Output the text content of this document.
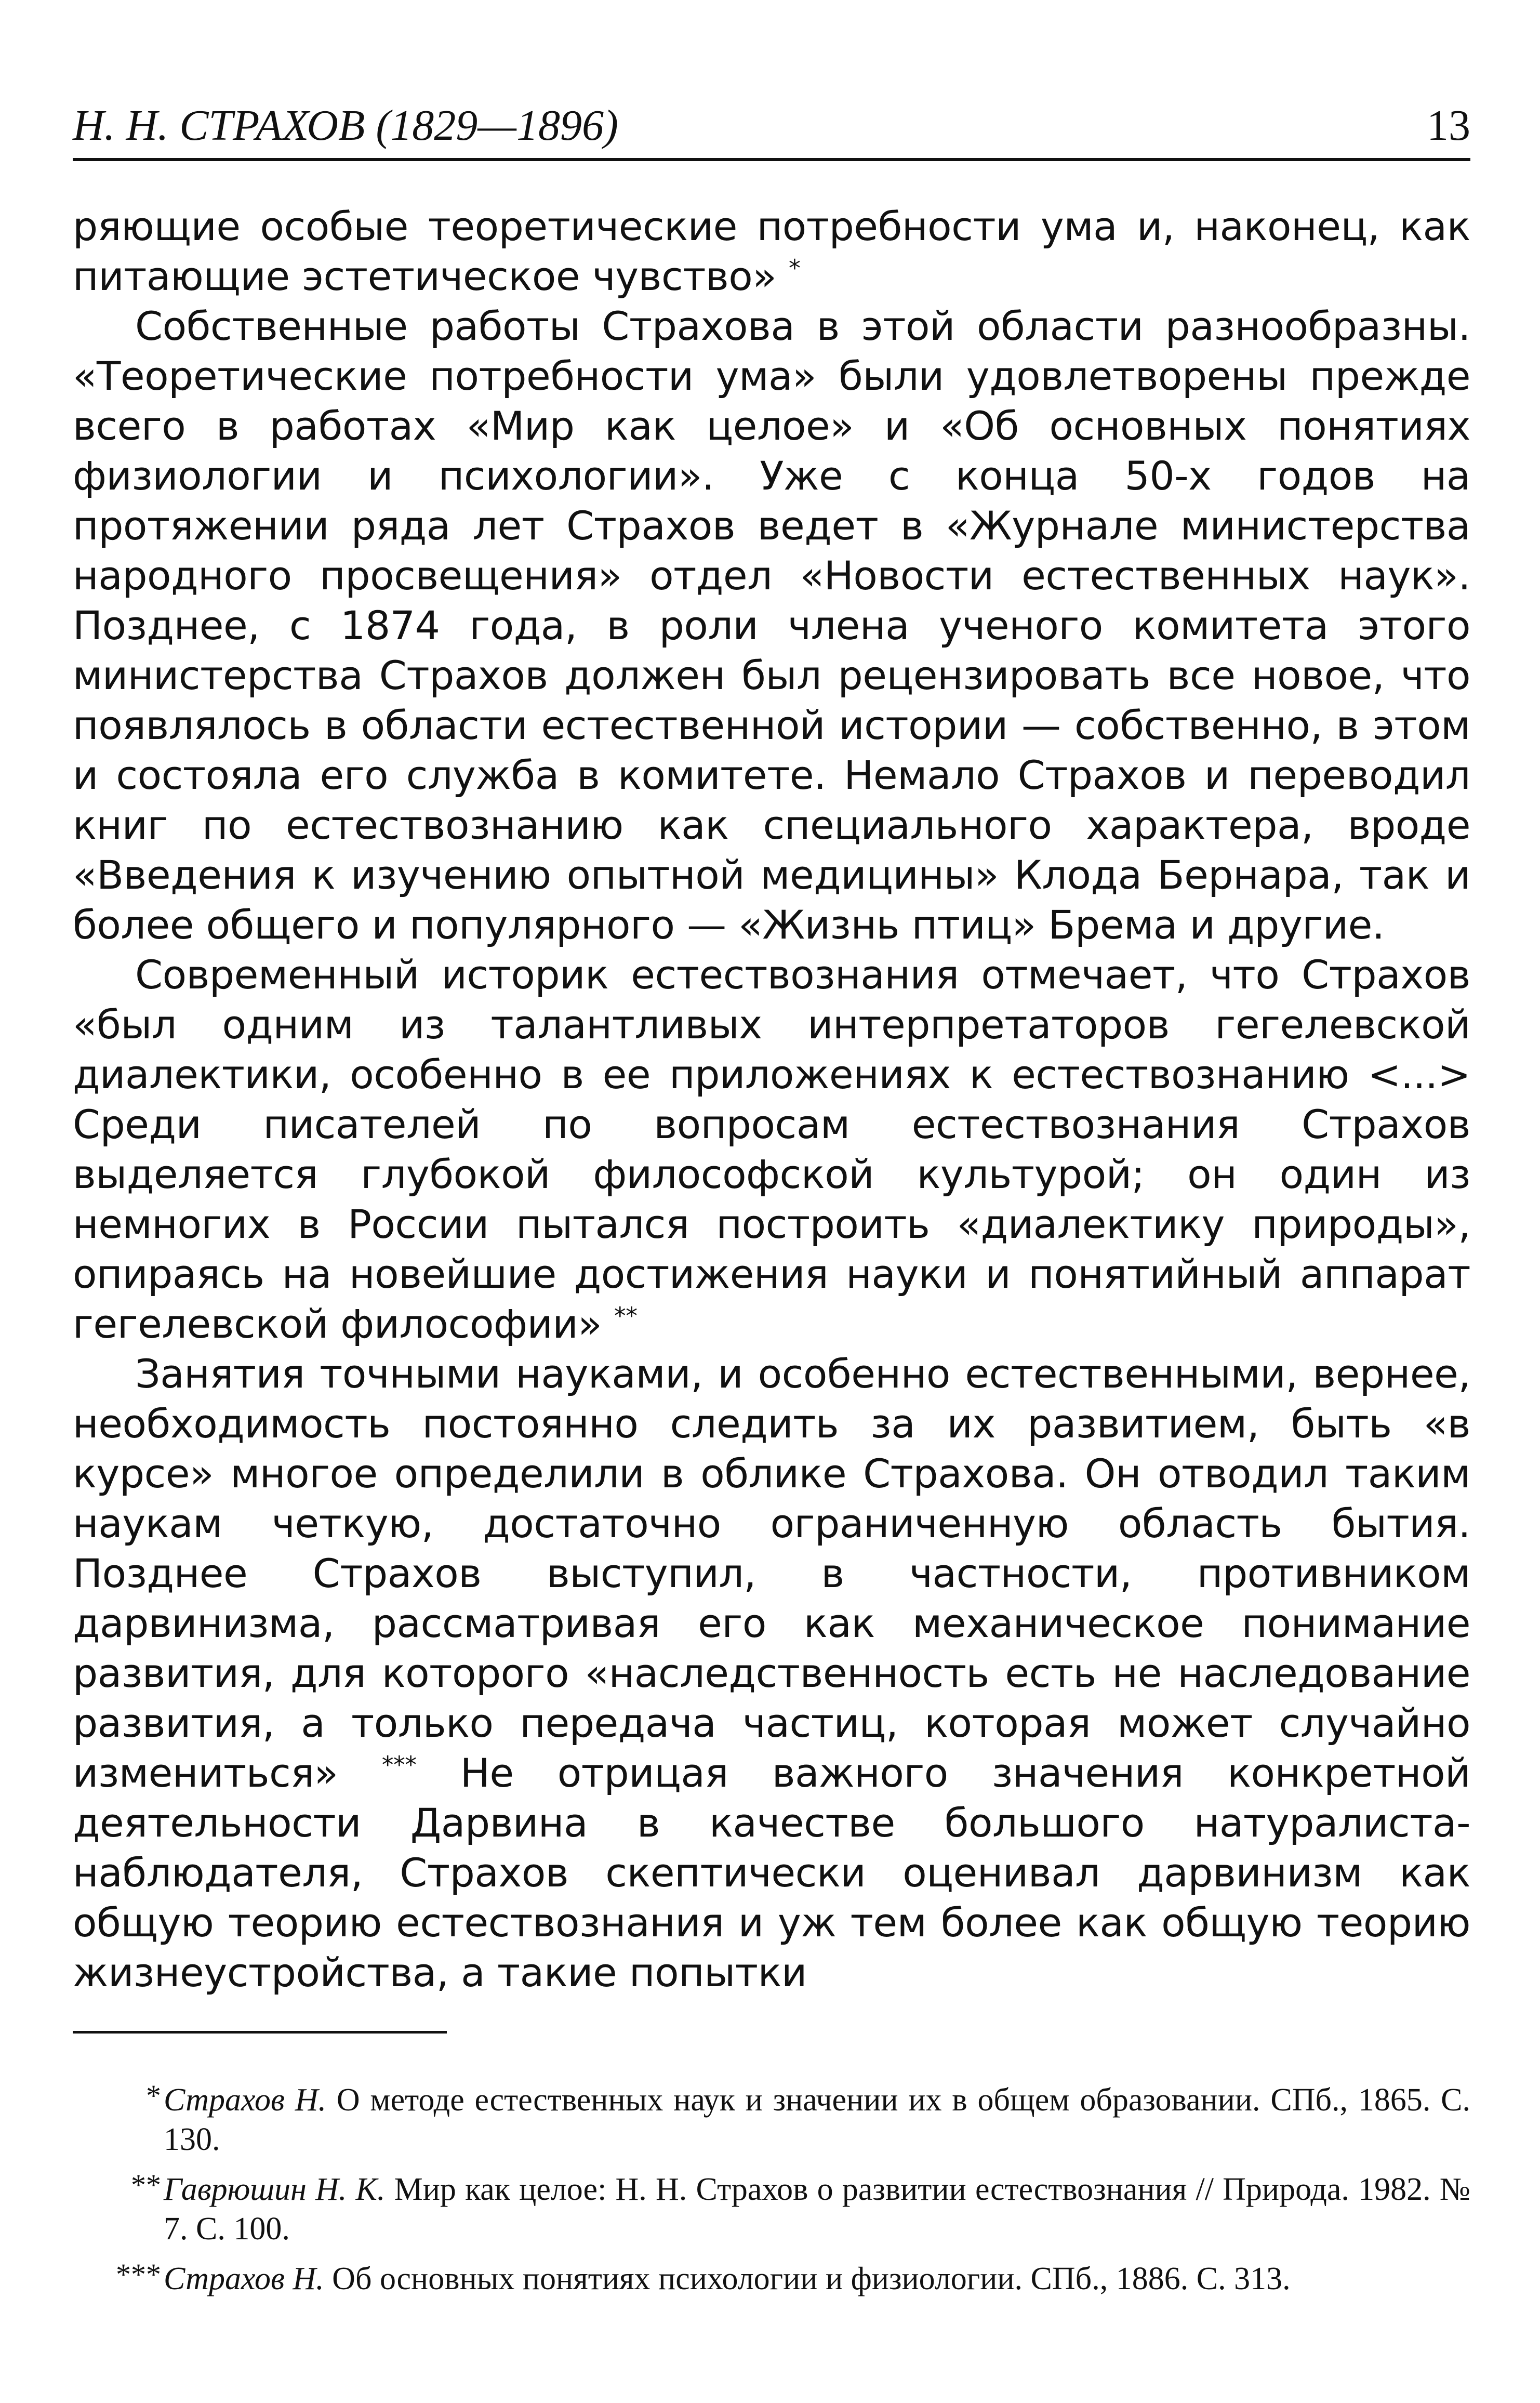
Н. Н. СТРАХОВ (1829—1896)	13

ряющие особые теоретические потребности ума и, наконец, как питающие эстетическое чувство» *

Собственные работы Страхова в этой области разнообразны. «Теоретические потребности ума» были удовлетворены прежде всего в работах «Мир как целое» и «Об основных понятиях физиологии и психологии». Уже с конца 50-х годов на протяжении ряда лет Страхов ведет в «Журнале министерства народного просвещения» отдел «Новости естественных наук». Позднее, с 1874 года, в роли члена ученого комитета этого министерства Страхов должен был рецензировать все новое, что появлялось в области естественной истории — собственно, в этом и состояла его служба в комитете. Немало Страхов и переводил книг по естествознанию как специального характера, вроде «Введения к изучению опытной медицины» Клода Бернара, так и более общего и популярного — «Жизнь птиц» Брема и другие.

Современный историк естествознания отмечает, что Страхов «был одним из талантливых интерпретаторов гегелевской диалектики, особенно в ее приложениях к естествознанию <...> Среди писателей по вопросам естествознания Страхов выделяется глубокой философской культурой; он один из немногих в России пытался построить «диалектику природы», опираясь на новейшие достижения науки и понятийный аппарат гегелевской философии» **

Занятия точными науками, и особенно естественными, вернее, необходимость постоянно следить за их развитием, быть «в курсе» многое определили в облике Страхова. Он отводил таким наукам четкую, достаточно ограниченную область бытия. Позднее Страхов выступил, в частности, противником дарвинизма, рассматривая его как механическое понимание развития, для которого «наследственность есть не наследование развития, а только передача частиц, которая может случайно измениться» *** Не отрицая важного значения конкретной деятельности Дарвина в качестве большого натуралиста-наблюдателя, Страхов скептически оценивал дарвинизм как общую теорию естествознания и уж тем более как общую теорию жизнеустройства, а такие попытки

* Страхов Н. О методе естественных наук и значении их в общем образовании. СПб., 1865. С. 130.
** Гаврюшин Н. К. Мир как целое: Н. Н. Страхов о развитии естествознания // Природа. 1982. № 7. С. 100.
*** Страхов Н. Об основных понятиях психологии и физиологии. СПб., 1886. С. 313.
